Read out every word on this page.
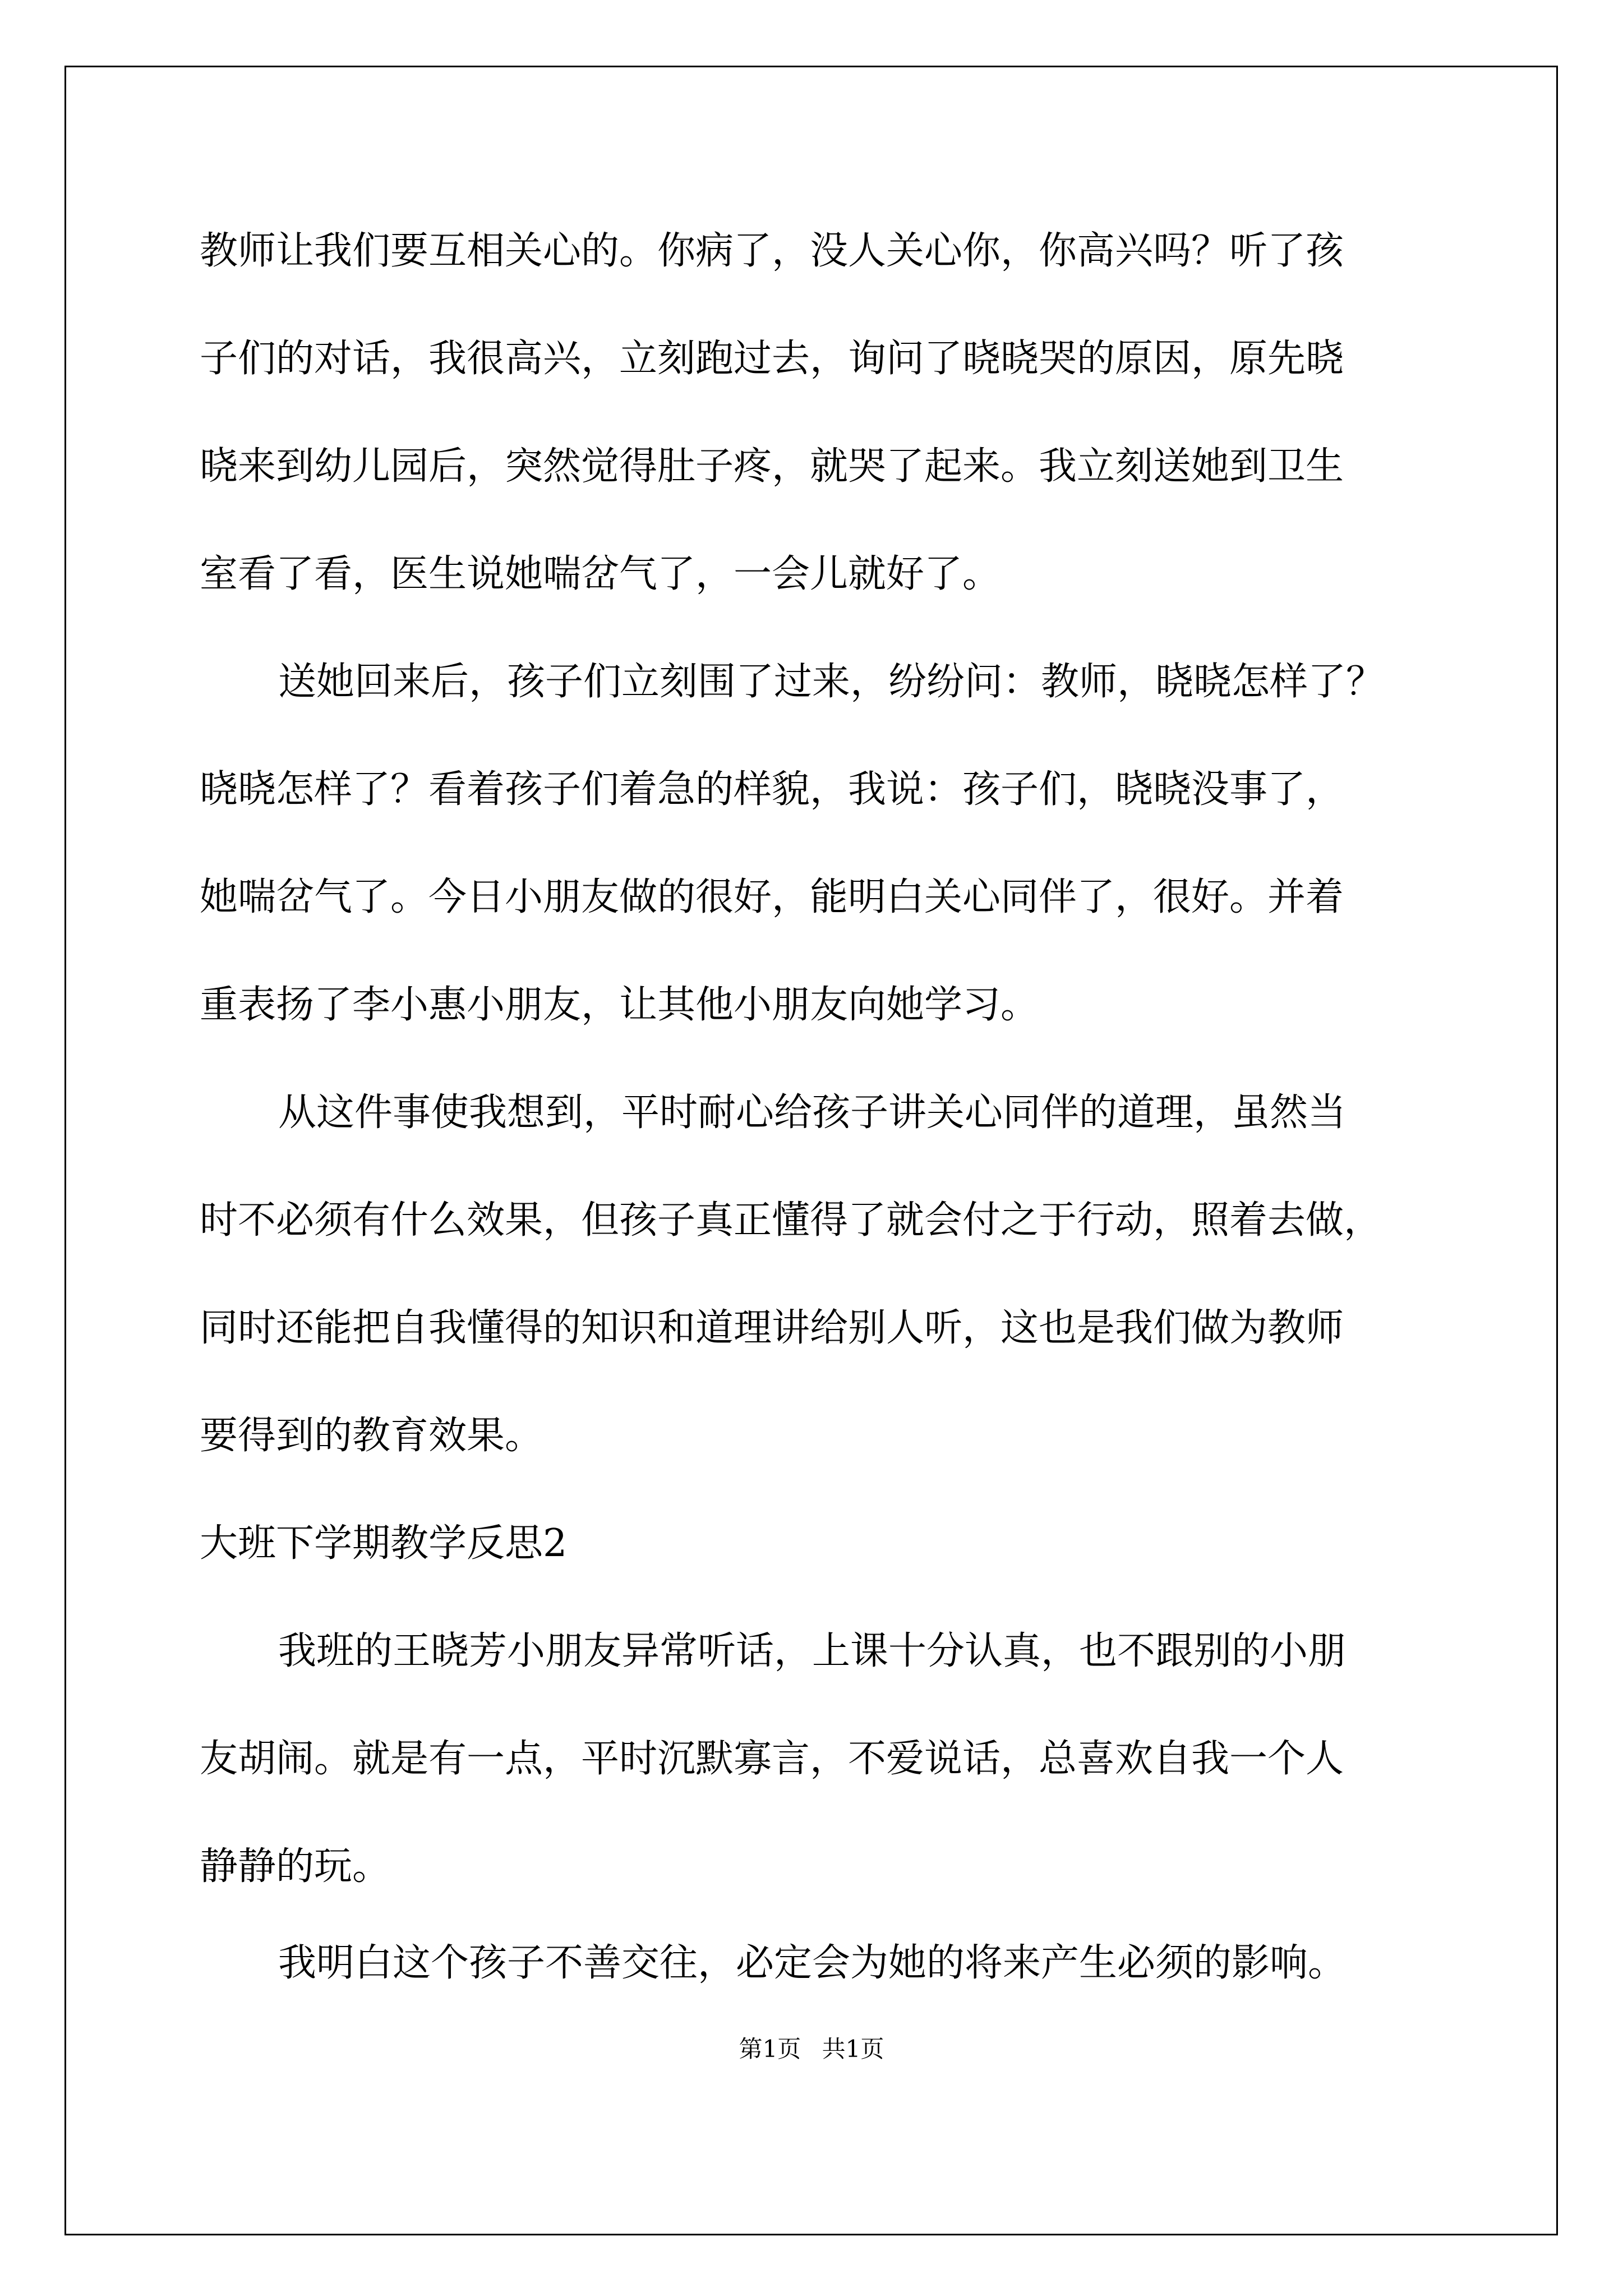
教师让我们要互相关心的。你病了，没人关心你，你高兴吗？听了孩
子们的对话，我很高兴，立刻跑过去，询问了晓晓哭的原因，原先晓
晓来到幼儿园后，突然觉得肚子疼，就哭了起来。我立刻送她到卫生
室看了看，医生说她喘岔气了，一会儿就好了。
送她回来后，孩子们立刻围了过来，纷纷问：教师，晓晓怎样了？
晓晓怎样了？看着孩子们着急的样貌，我说：孩子们，晓晓没事了，
她喘岔气了。今日小朋友做的很好，能明白关心同伴了，很好。并着
重表扬了李小惠小朋友，让其他小朋友向她学习。
从这件事使我想到，平时耐心给孩子讲关心同伴的道理，虽然当
时不必须有什么效果，但孩子真正懂得了就会付之于行动，照着去做，
同时还能把自我懂得的知识和道理讲给别人听，这也是我们做为教师
要得到的教育效果。
大班下学期教学反思2
我班的王晓芳小朋友异常听话，上课十分认真，也不跟别的小朋
友胡闹。就是有一点，平时沉默寡言，不爱说话，总喜欢自我一个人
静静的玩。
我明白这个孩子不善交往，必定会为她的将来产生必须的影响。
第1页 共1页
